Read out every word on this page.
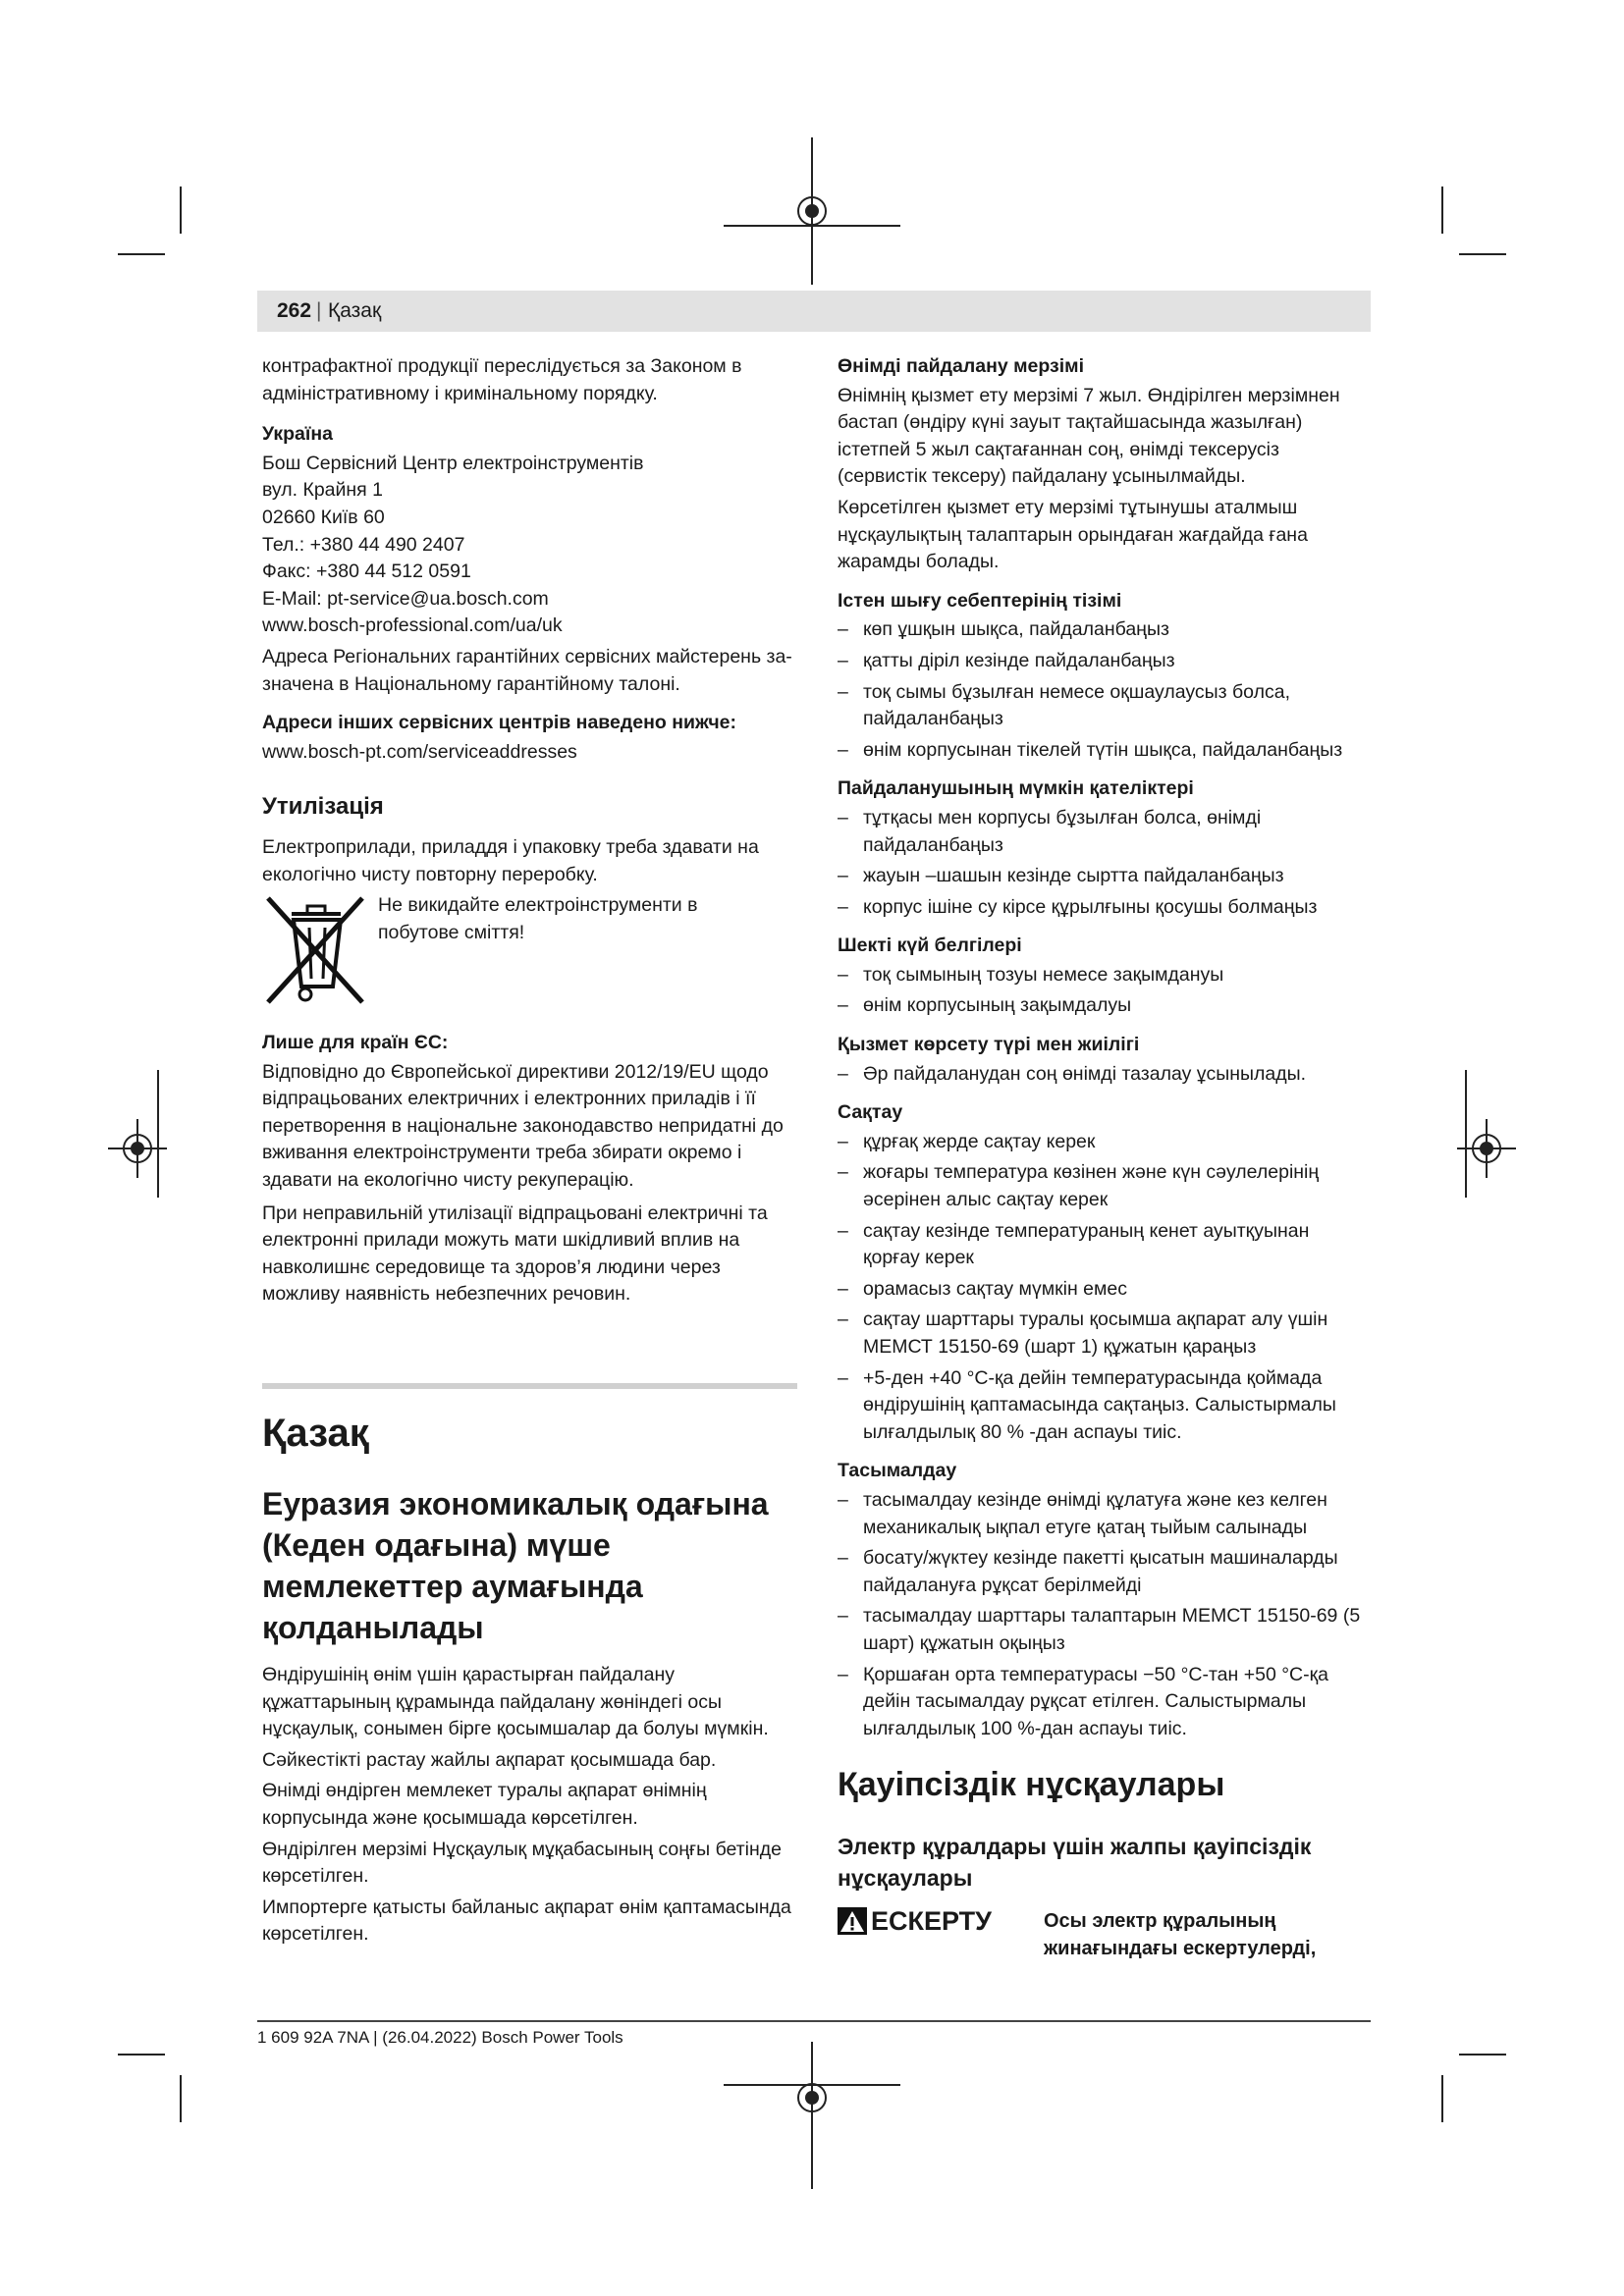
262 | Қазақ

контрафактної продукції переслідується за Законом в адміністративному і кримінальному порядку.

Україна

Бош Сервісний Центр електроінструментів
вул. Крайня 1
02660 Київ 60
Тел.: +380 44 490 2407
Факс: +380 44 512 0591
E-Mail: pt-service@ua.bosch.com
www.bosch-professional.com/ua/uk

Адреса Регіональних гарантійних сервісних майстерень за- значена в Національному гарантійному талоні.

Адреси інших сервісних центрів наведено нижче:

www.bosch-pt.com/serviceaddresses

Утилізація

Електроприлади, приладдя і упаковку треба здавати на екологічно чисту повторну переробку.

Не викидайте електроінструменти в побутове сміття!

Лише для країн ЄС:

Відповідно до Європейської директиви 2012/19/EU щодо відпрацьованих електричних і електронних приладів і її перетворення в національне законодавство непридатні до вживання електроінструменти треба збирати окремо і здавати на екологічно чисту рекуперацію.

При неправильній утилізації відпрацьовані електричні та електронні прилади можуть мати шкідливий вплив на навколишнє середовище та здоров’я людини через можливу наявність небезпечних речовин.

Қазақ
Еуразия экономикалық одағына (Кеден одағына) мүше мемлекеттер аумағында қолданылады

Өндірушінің өнім үшін қарастырған пайдалану құжаттарының құрамында пайдалану жөніндегі осы нұсқаулық, сонымен бірге қосымшалар да болуы мүмкін.

Сәйкестікті растау жайлы ақпарат қосымшада бар.

Өнімді өндірген мемлекет туралы ақпарат өнімнің корпусында және қосымшада көрсетілген.

Өндірілген мерзімі Нұсқаулық мұқабасының соңғы бетінде көрсетілген.

Импортерге қатысты байланыс ақпарат өнім қаптамасында көрсетілген.

Өнімді пайдалану мерзімі

Өнімнің қызмет ету мерзімі 7 жыл. Өндірілген мерзімнен бастап (өндіру күні зауыт тақтайшасында жазылған) істетпей 5 жыл сақтағаннан соң, өнімді тексерусіз (сервистік тексеру) пайдалану ұсынылмайды.

Көрсетілген қызмет ету мерзімі тұтынушы аталмыш нұсқаулықтың талаптарын орындаған жағдайда ғана жарамды болады.

Істен шығу себептерінің тізімі

– көп ұшқын шықса, пайдаланбаңыз
– қатты діріл кезінде пайдаланбаңыз
– тоқ сымы бұзылған немесе оқшаулаусыз болса, пайдаланбаңыз
– өнім корпусынан тікелей түтін шықса, пайдаланбаңыз

Пайдаланушының мүмкін қателіктері

– тұтқасы мен корпусы бұзылған болса, өнімді пайдаланбаңыз
– жауын –шашын кезінде сыртта пайдаланбаңыз
– корпус ішіне су кірсе құрылғыны қосушы болмаңыз

Шекті күй белгілері

– тоқ сымының тозуы немесе зақымдануы
– өнім корпусының зақымдалуы

Қызмет көрсету түрі мен жиілігі

– Әр пайдаланудан соң өнімді тазалау ұсынылады.

Сақтау

– құрғақ жерде сақтау керек
– жоғары температура көзінен және күн сәулелерінің әсерінен алыс сақтау керек
– сақтау кезінде температураның кенет ауытқуынан қорғау керек
– орамасыз сақтау мүмкін емес
– сақтау шарттары туралы қосымша ақпарат алу үшін МЕМСТ 15150-69 (шарт 1) құжатын қараңыз
– +5-ден +40 °C-қа дейін температурасында қоймада өндірушінің қаптамасында сақтаңыз. Салыстырмалы ылғалдылық 80 % -дан аспауы тиіс.

Тасымалдау

– тасымалдау кезінде өнімді құлатуға және кез келген механикалық ықпал етуге қатаң тыйым салынады
– босату/жүктеу кезінде пакетті қысатын машиналарды пайдалануға рұқсат берілмейді
– тасымалдау шарттары талаптарын МЕМСТ 15150-69 (5 шарт) құжатын оқыңыз
– Қоршаған орта температурасы −50 °C-тан +50 °C-қа дейін тасымалдау рұқсат етілген. Салыстырмалы ылғалдылық 100 %-дан аспауы тиіс.
Қауіпсіздік нұсқаулары
Электр құралдары үшін жалпы қауіпсіздік нұсқаулары
ЕСКЕРТУ	Осы электр құралының жинағындағы ескертулерді,
1 609 92A 7NA | (26.04.2022) Bosch Power Tools
